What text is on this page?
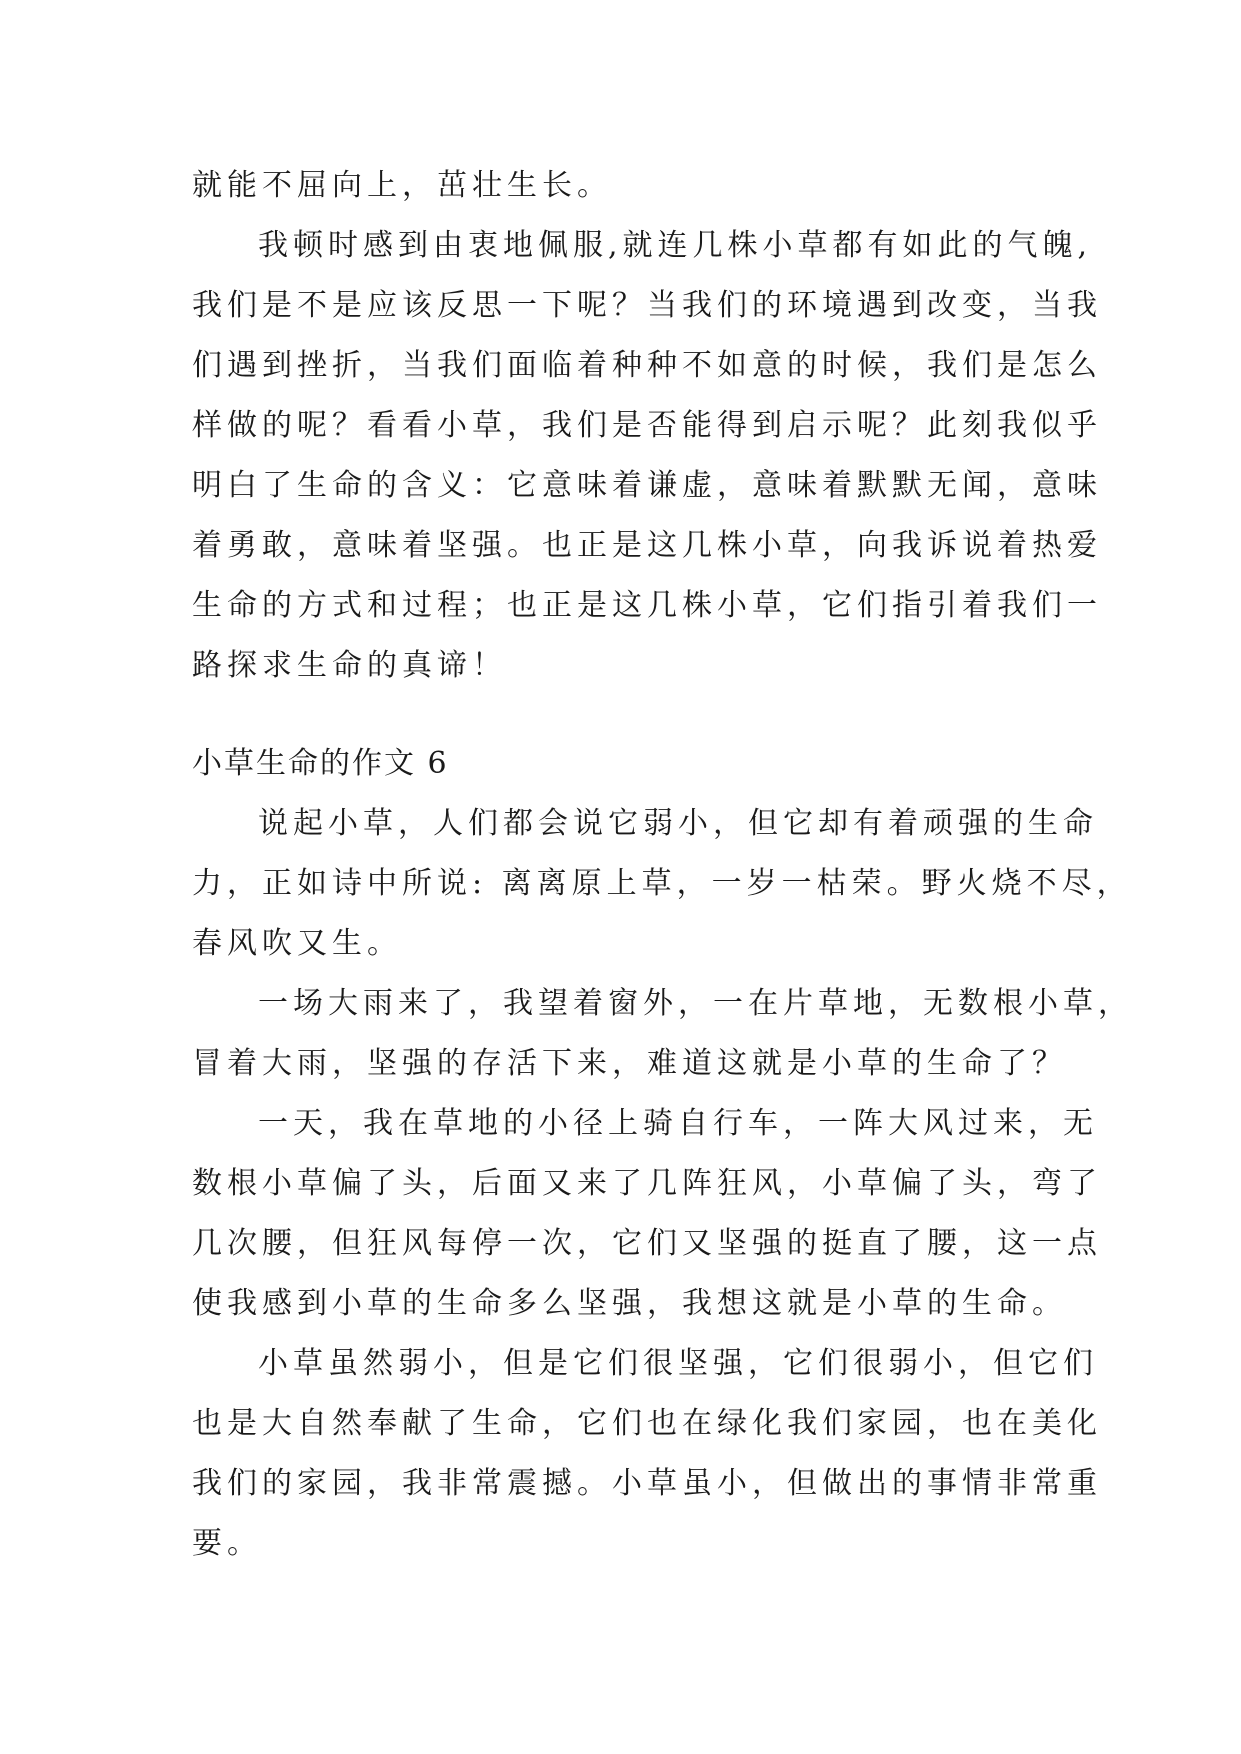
就能不屈向上，茁壮生长。
我顿时感到由衷地佩服,就连几株小草都有如此的气魄,
我们是不是应该反思一下呢？当我们的环境遇到改变，当我
们遇到挫折，当我们面临着种种不如意的时候，我们是怎么
样做的呢？看看小草，我们是否能得到启示呢？此刻我似乎
明白了生命的含义：它意味着谦虚，意味着默默无闻，意味
着勇敢，意味着坚强。也正是这几株小草，向我诉说着热爱
生命的方式和过程；也正是这几株小草，它们指引着我们一
路探求生命的真谛！
小草生命的作文 6
说起小草，人们都会说它弱小，但它却有着顽强的生命
力，正如诗中所说: 离离原上草，一岁一枯荣。野火烧不尽，
春风吹又生。
一场大雨来了，我望着窗外，一在片草地，无数根小草，
冒着大雨，坚强的存活下来，难道这就是小草的生命了？
一天，我在草地的小径上骑自行车，一阵大风过来，无
数根小草偏了头，后面又来了几阵狂风，小草偏了头，弯了
几次腰，但狂风每停一次，它们又坚强的挺直了腰，这一点
使我感到小草的生命多么坚强，我想这就是小草的生命。
小草虽然弱小，但是它们很坚强，它们很弱小，但它们
也是大自然奉献了生命，它们也在绿化我们家园，也在美化
我们的家园，我非常震撼。小草虽小，但做出的事情非常重
要。
